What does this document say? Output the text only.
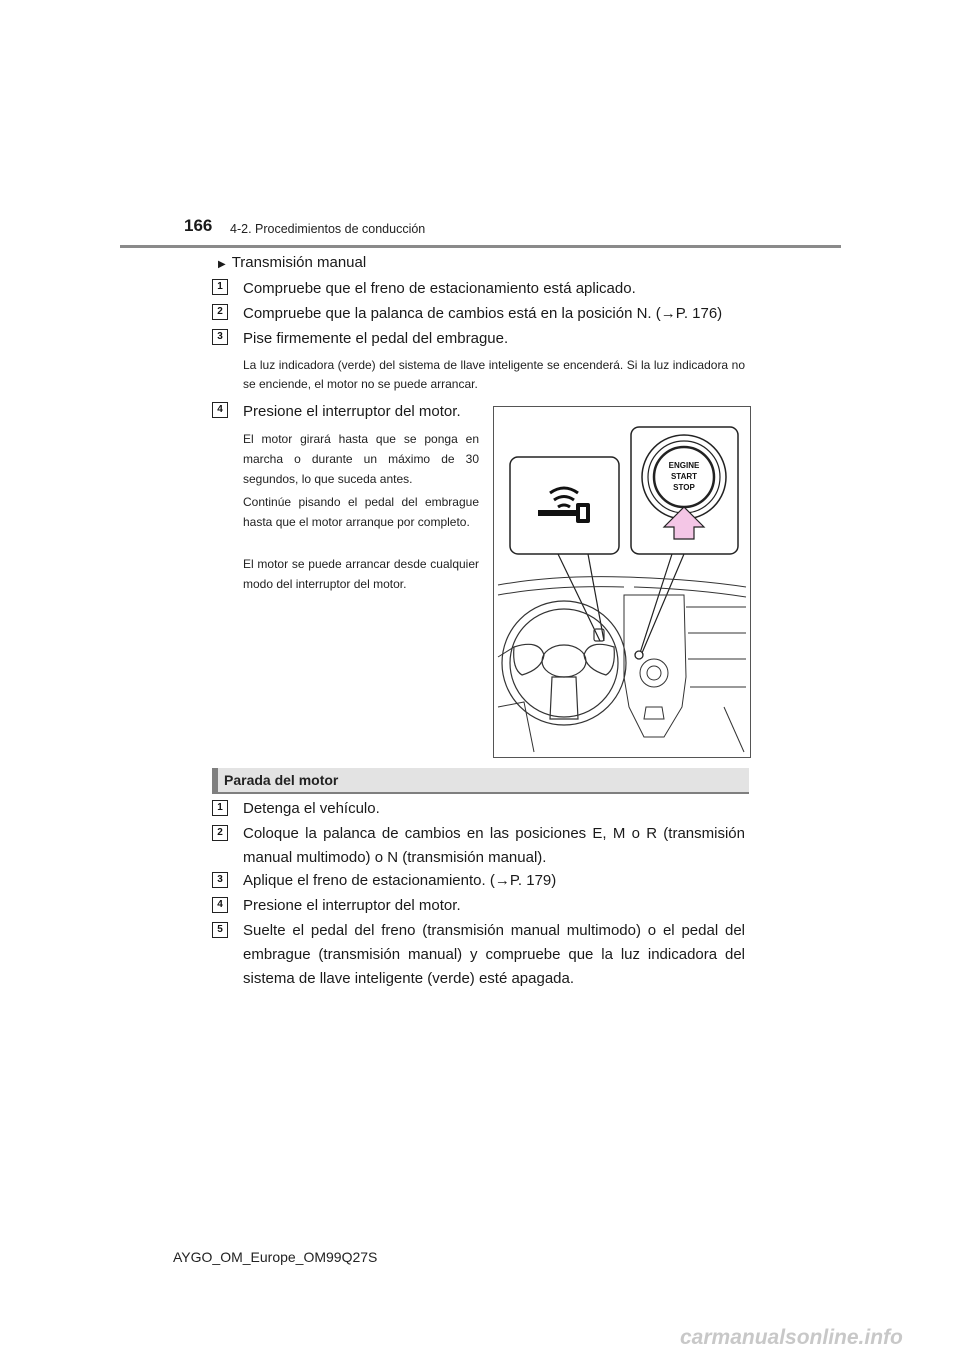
166 4-2. Procedimientos de conducción
▶ Transmisión manual
1	Compruebe que el freno de estacionamiento está aplicado.
2	Compruebe que la palanca de cambios está en la posición N. (→P. 176)
3	Pise firmemente el pedal del embrague.
La luz indicadora (verde) del sistema de llave inteligente se encenderá. Si la luz indicadora no se enciende, el motor no se puede arrancar.
4	Presione el interruptor del motor.
El motor girará hasta que se ponga en marcha o durante un máximo de 30 segundos, lo que suceda antes.
Continúe pisando el pedal del embrague hasta que el motor arranque por completo.
El motor se puede arrancar desde cualquier modo del interruptor del motor.
ENGINE
START
STOP
Parada del motor
1	Detenga el vehículo.
2	Coloque la palanca de cambios en las posiciones E, M o R (transmisión
manual multimodo) o N (transmisión manual).
3	Aplique el freno de estacionamiento. (→P. 179)
4	Presione el interruptor del motor.
5	Suelte el pedal del freno (transmisión manual multimodo) o el pedal del
embrague (transmisión manual) y compruebe que la luz indicadora del
sistema de llave inteligente (verde) esté apagada.
AYGO_OM_Europe_OM99Q27S
carmanualsonline.info
